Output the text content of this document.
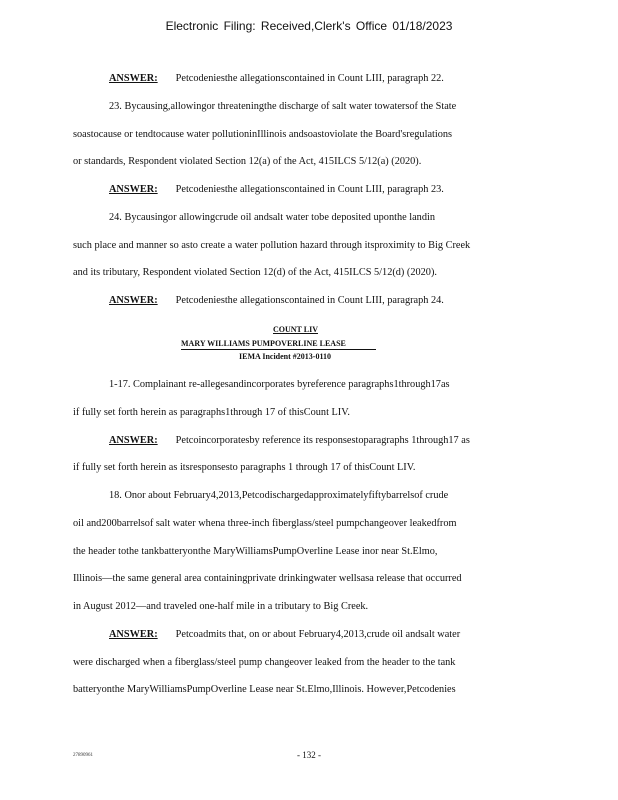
Electronic Filing: Received,Clerk's Office 01/18/2023
ANSWER: Petcodeniesthe allegationscontained in Count LIII, paragraph 22.
23. Bycausing,allowingor threateningthe discharge of salt water towatersof the State
soastocause or tendtocause water pollutioninIllinois andsoastoviolate the Board'sregulations
or standards, Respondent violated Section 12(a) of the Act, 415ILCS 5/12(a) (2020).
ANSWER: Petcodeniesthe allegationscontained in Count LIII, paragraph 23.
24. Bycausingor allowingcrude oil andsalt water tobe deposited uponthe landin
such place and manner so asto create a water pollution hazard through itsproximity to Big Creek
and its tributary, Respondent violated Section 12(d) of the Act, 415ILCS 5/12(d) (2020).
ANSWER: Petcodeniesthe allegationscontained in Count LIII, paragraph 24.
COUNT LIV
MARY WILLIAMS PUMPOVERLINE LEASE
IEMA Incident #2013-0110
1-17. Complainant re-allegesandincorporates byreference paragraphs1through17as
if fully set forth herein as paragraphs1through 17 of thisCount LIV.
ANSWER: Petcoincorporatesby reference its responsestoparagraphs 1through17 as
if fully set forth herein as itsresponsesto paragraphs 1 through 17 of thisCount LIV.
18. Onor about February4,2013,Petcodischargedapproximatelyfiftybarrelsof crude
oil and200barrelsof salt water whena three-inch fiberglass/steel pumpchangeover leakedfrom
the header tothe tankbatteryonthe MaryWilliamsPumpOverline Lease inor near St.Elmo,
Illinois—the same general area containingprivate drinkingwater wellsasa release that occurred
in August 2012—and traveled one-half mile in a tributary to Big Creek.
ANSWER: Petcoadmits that, on or about February4,2013,crude oil andsalt water
were discharged when a fiberglass/steel pump changeover leaked from the header to the tank
batteryonthe MaryWilliamsPumpOverline Lease near St.Elmo,Illinois. However,Petcodenies
27890961	- 132 -
